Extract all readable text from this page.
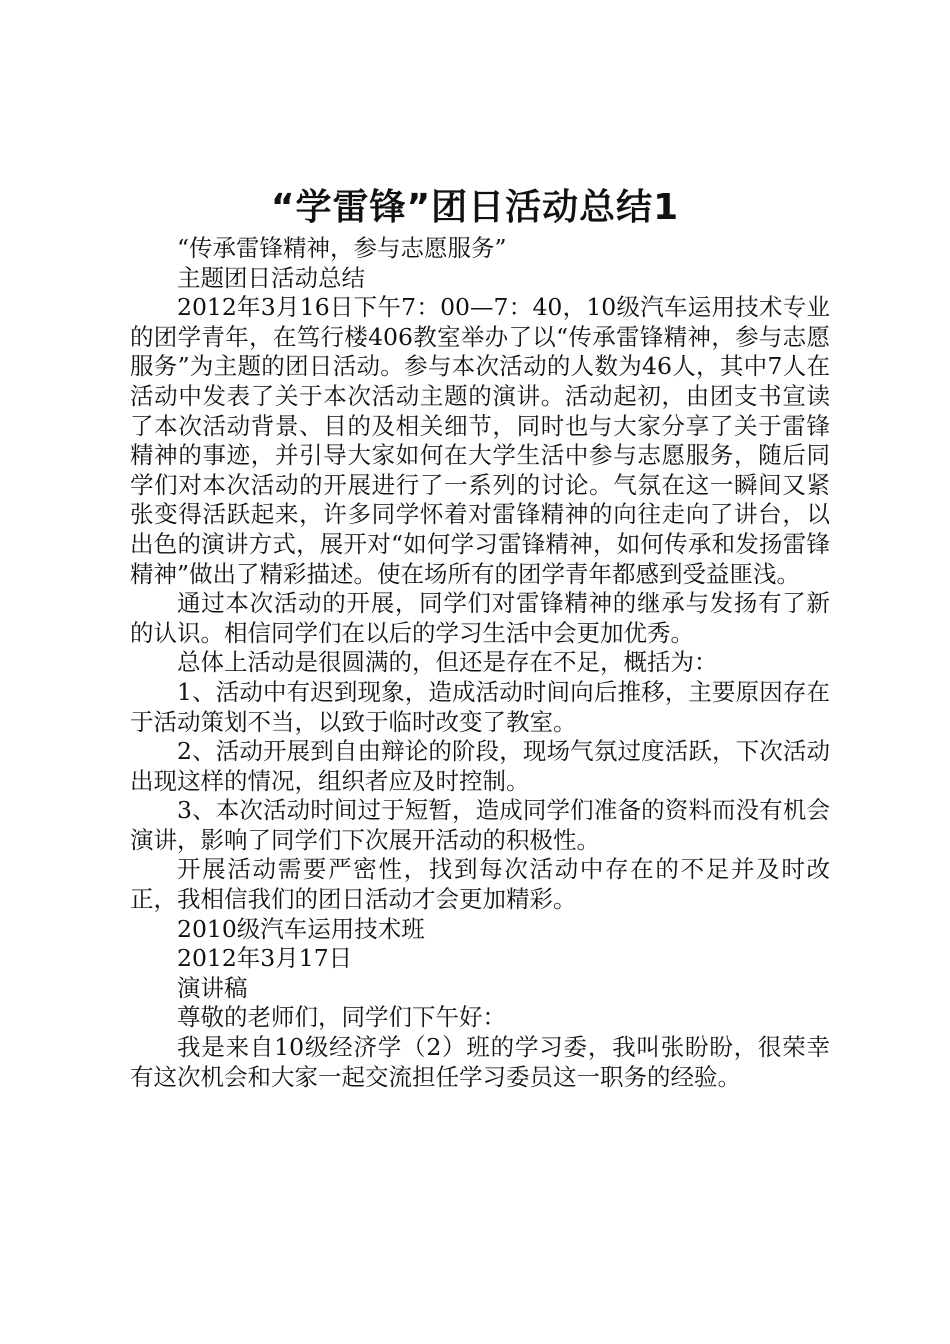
“学雷锋”团日活动总结1

“传承雷锋精神，参与志愿服务”

主题团日活动总结

2012年3月16日下午7：00—7：40，10级汽车运用技术专业的团学青年，在笃行楼406教室举办了以“传承雷锋精神，参与志愿服务”为主题的团日活动。参与本次活动的人数为46人，其中7人在活动中发表了关于本次活动主题的演讲。活动起初，由团支书宣读了本次活动背景、目的及相关细节，同时也与大家分享了关于雷锋精神的事迹，并引导大家如何在大学生活中参与志愿服务，随后同学们对本次活动的开展进行了一系列的讨论。气氛在这一瞬间又紧张变得活跃起来，许多同学怀着对雷锋精神的向往走向了讲台，以出色的演讲方式，展开对“如何学习雷锋精神，如何传承和发扬雷锋精神”做出了精彩描述。使在场所有的团学青年都感到受益匪浅。

通过本次活动的开展，同学们对雷锋精神的继承与发扬有了新的认识。相信同学们在以后的学习生活中会更加优秀。

总体上活动是很圆满的，但还是存在不足，概括为：

1、活动中有迟到现象，造成活动时间向后推移，主要原因存在于活动策划不当，以致于临时改变了教室。

2、活动开展到自由辩论的阶段，现场气氛过度活跃，下次活动出现这样的情况，组织者应及时控制。

3、本次活动时间过于短暂，造成同学们准备的资料而没有机会演讲，影响了同学们下次展开活动的积极性。

开展活动需要严密性，找到每次活动中存在的不足并及时改正，我相信我们的团日活动才会更加精彩。

2010级汽车运用技术班

2012年3月17日

演讲稿

尊敬的老师们，同学们下午好：

我是来自10级经济学（2）班的学习委，我叫张盼盼，很荣幸有这次机会和大家一起交流担任学习委员这一职务的经验。
